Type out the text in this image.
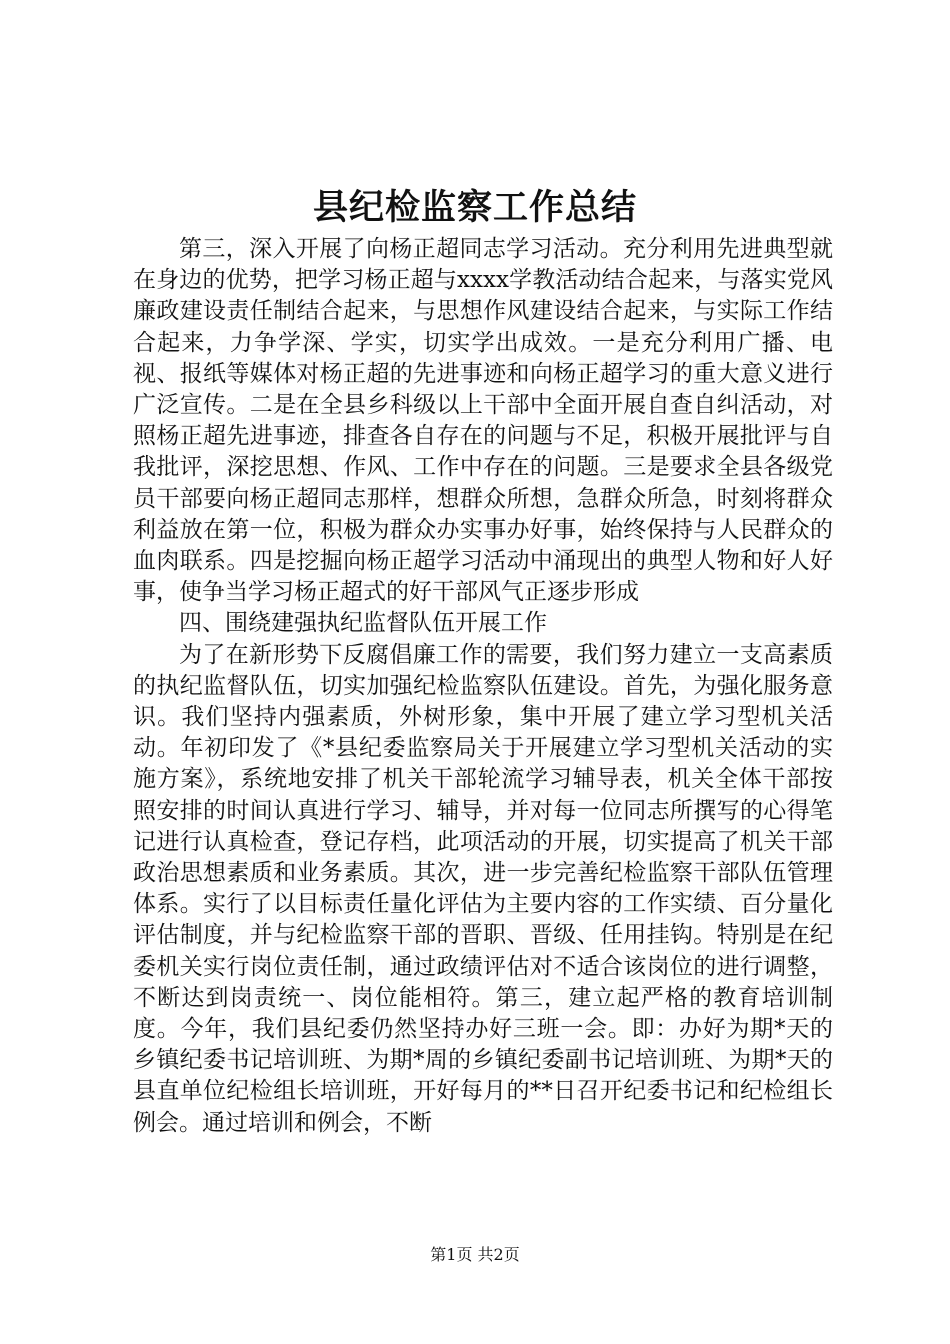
县纪检监察工作总结

第三，深入开展了向杨正超同志学习活动。充分利用先进典型就在身边的优势，把学习杨正超与xxxx学教活动结合起来，与落实党风廉政建设责任制结合起来，与思想作风建设结合起来，与实际工作结合起来，力争学深、学实，切实学出成效。一是充分利用广播、电视、报纸等媒体对杨正超的先进事迹和向杨正超学习的重大意义进行广泛宣传。二是在全县乡科级以上干部中全面开展自查自纠活动，对照杨正超先进事迹，排查各自存在的问题与不足，积极开展批评与自我批评，深挖思想、作风、工作中存在的问题。三是要求全县各级党员干部要向杨正超同志那样，想群众所想，急群众所急，时刻将群众利益放在第一位，积极为群众办实事办好事，始终保持与人民群众的血肉联系。四是挖掘向杨正超学习活动中涌现出的典型人物和好人好事，使争当学习杨正超式的好干部风气正逐步形成

四、围绕建强执纪监督队伍开展工作

为了在新形势下反腐倡廉工作的需要，我们努力建立一支高素质的执纪监督队伍，切实加强纪检监察队伍建设。首先，为强化服务意识。我们坚持内强素质，外树形象，集中开展了建立学习型机关活动。年初印发了《*县纪委监察局关于开展建立学习型机关活动的实施方案》，系统地安排了机关干部轮流学习辅导表，机关全体干部按照安排的时间认真进行学习、辅导，并对每一位同志所撰写的心得笔记进行认真检查，登记存档，此项活动的开展，切实提高了机关干部政治思想素质和业务素质。其次，进一步完善纪检监察干部队伍管理体系。实行了以目标责任量化评估为主要内容的工作实绩、百分量化评估制度，并与纪检监察干部的晋职、晋级、任用挂钩。特别是在纪委机关实行岗位责任制，通过政绩评估对不适合该岗位的进行调整，不断达到岗责统一、岗位能相符。第三，建立起严格的教育培训制度。今年，我们县纪委仍然坚持办好三班一会。即：办好为期*天的乡镇纪委书记培训班、为期*周的乡镇纪委副书记培训班、为期*天的县直单位纪检组长培训班，开好每月的**日召开纪委书记和纪检组长例会。通过培训和例会，不断

第1页 共2页
